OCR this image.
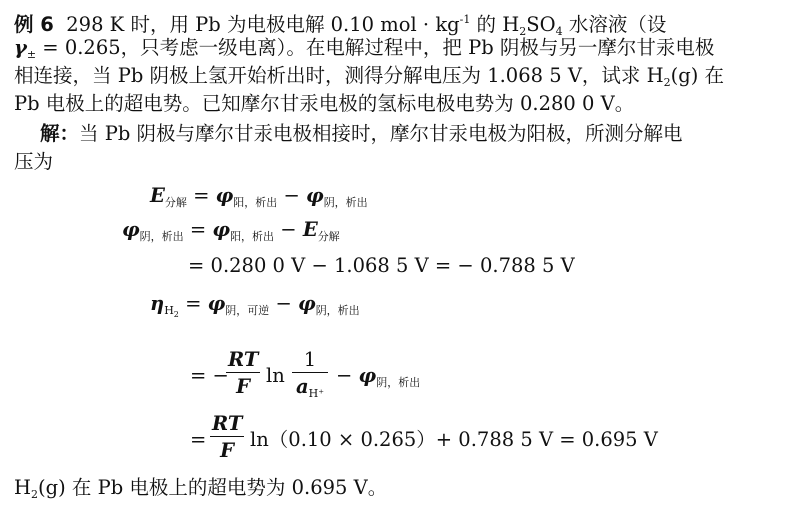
例 6 298 K 时，用 Pb 为电极电解 0.10 mol · $kg^{-1}$ 的 $H_2SO_4$ 水溶液（设
$\gamma_\pm = 0.265$，只考虑一级电离）。在电解过程中，把 Pb 阴极与另一摩尔甘汞电极
相连接，当 Pb 阴极上氢开始析出时，测得分解电压为 1.068 5 V，试求 $H_2(g)$ 在
Pb 电极上的超电势。已知摩尔甘汞电极的氢标电极电势为 0.280 0 V。
解：当 Pb 阴极与摩尔甘汞电极相接时，摩尔甘汞电极为阳极，所测分解电
压为
$E_{分解} = \varphi_{阳,析出} - \varphi_{阴,析出}$
$\varphi_{阴,析出} = \varphi_{阳,析出} - E_{分解}$
= 0.280 0 V − 1.068 5 V = − 0.788 5 V
$\eta_{H_2} = \varphi_{阴,可逆} - \varphi_{阴,析出}$
= −
$\frac{RT}{F}$ $\ln \frac{1}{a_{H^+}} - \varphi_{阴,析出}$
= $\frac{RT}{F} \ln(0.10 \times 0.265)+ 0.788$ 5 V = 0.695 V
$H_2(g)$ 在 Pb 电极上的超电势为 0.695 V。
